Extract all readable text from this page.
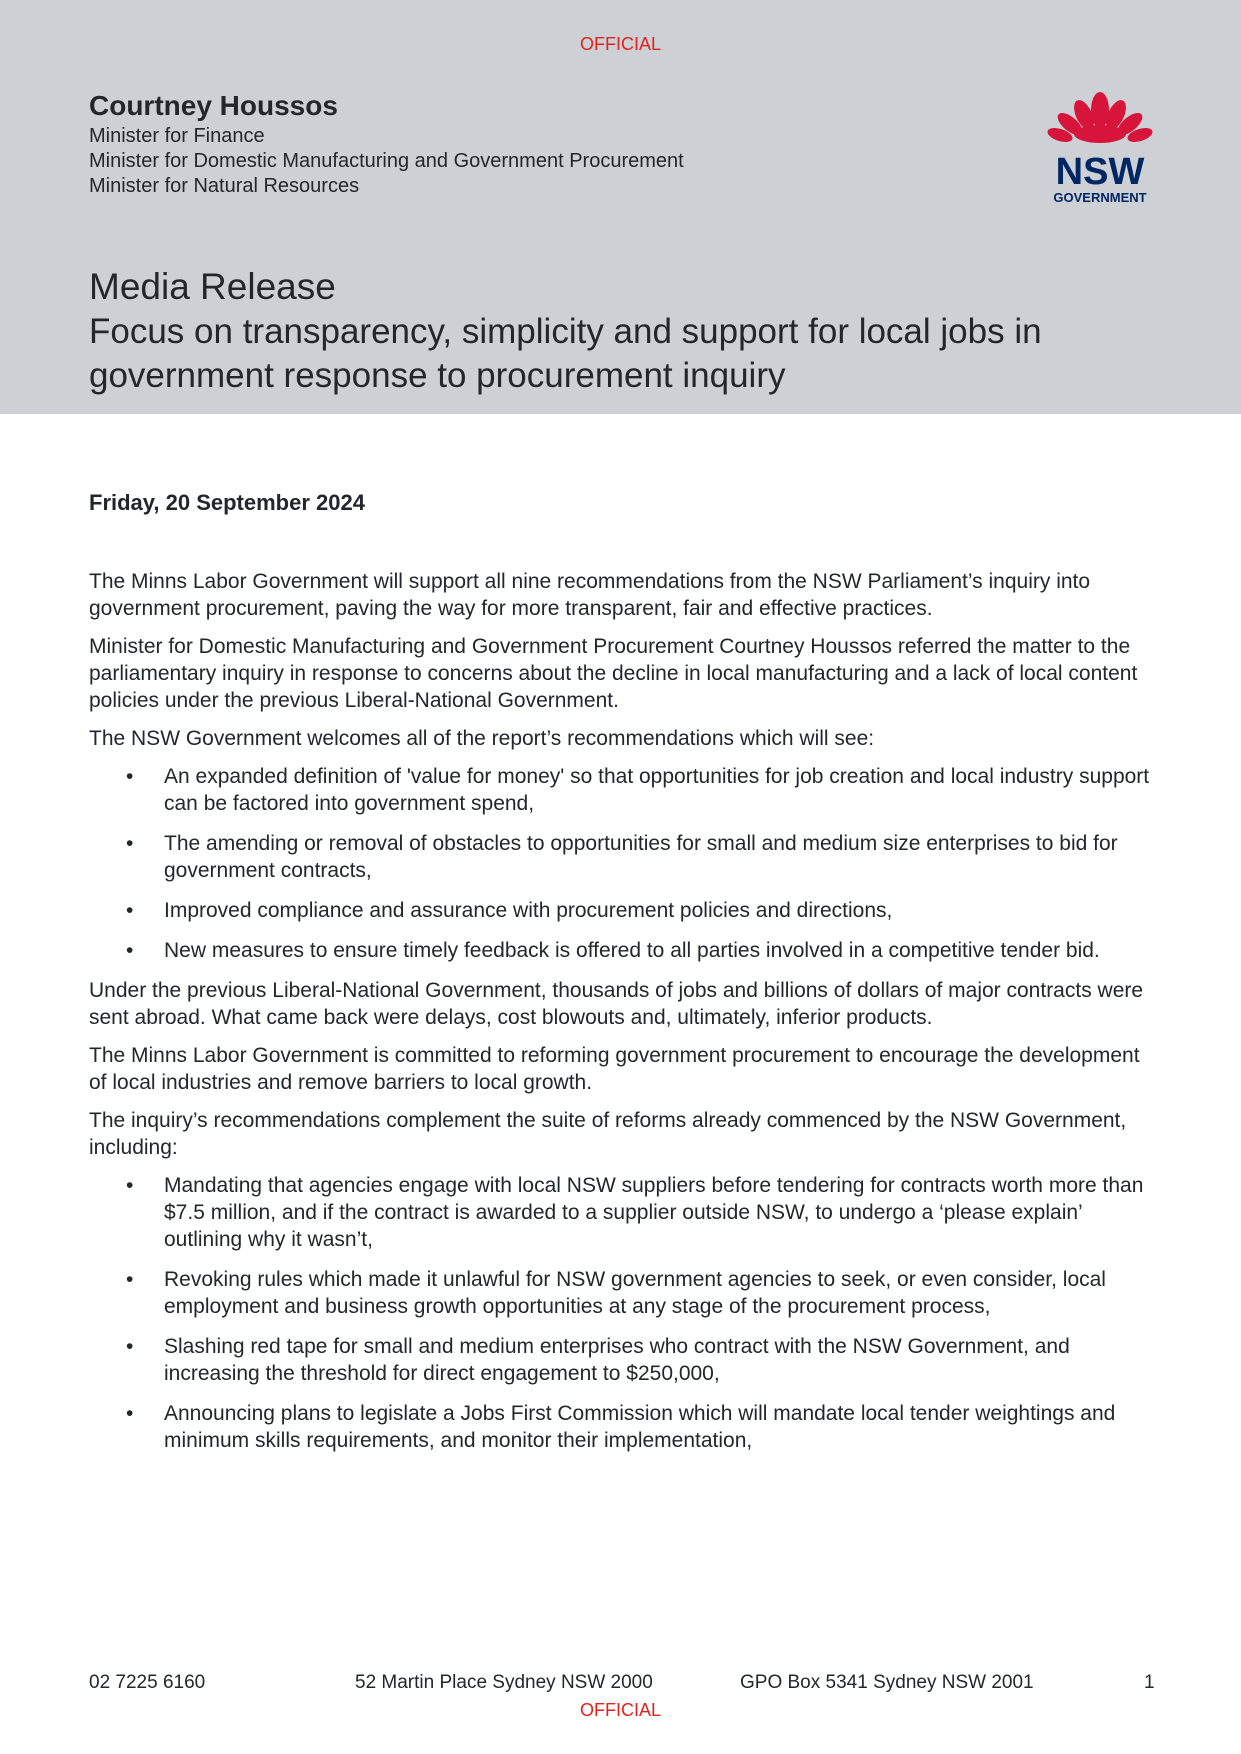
OFFICIAL
Courtney Houssos
Minister for Finance
Minister for Domestic Manufacturing and Government Procurement
Minister for Natural Resources	NSW
GOVERNMENT
Media Release
Focus on transparency, simplicity and support for local jobs in government response to procurement inquiry
Friday, 20 September 2024

The Minns Labor Government will support all nine recommendations from the NSW Parliament’s inquiry into government procurement, paving the way for more transparent, fair and effective practices.

Minister for Domestic Manufacturing and Government Procurement Courtney Houssos referred the matter to the parliamentary inquiry in response to concerns about the decline in local manufacturing and a lack of local content policies under the previous Liberal-National Government.

The NSW Government welcomes all of the report’s recommendations which will see:

• An expanded definition of 'value for money' so that opportunities for job creation and local industry support can be factored into government spend,
• The amending or removal of obstacles to opportunities for small and medium size enterprises to bid for government contracts,
• Improved compliance and assurance with procurement policies and directions,
• New measures to ensure timely feedback is offered to all parties involved in a competitive tender bid.

Under the previous Liberal-National Government, thousands of jobs and billions of dollars of major contracts were sent abroad. What came back were delays, cost blowouts and, ultimately, inferior products.

The Minns Labor Government is committed to reforming government procurement to encourage the development of local industries and remove barriers to local growth.

The inquiry’s recommendations complement the suite of reforms already commenced by the NSW Government, including:

• Mandating that agencies engage with local NSW suppliers before tendering for contracts worth more than $7.5 million, and if the contract is awarded to a supplier outside NSW, to undergo a ‘please explain’ outlining why it wasn’t,
• Revoking rules which made it unlawful for NSW government agencies to seek, or even consider, local employment and business growth opportunities at any stage of the procurement process,
• Slashing red tape for small and medium enterprises who contract with the NSW Government, and increasing the threshold for direct engagement to $250,000,
• Announcing plans to legislate a Jobs First Commission which will mandate local tender weightings and minimum skills requirements, and monitor their implementation,
02 7225 6160	52 Martin Place Sydney NSW 2000	GPO Box 5341 Sydney NSW 2001	1
OFFICIAL
